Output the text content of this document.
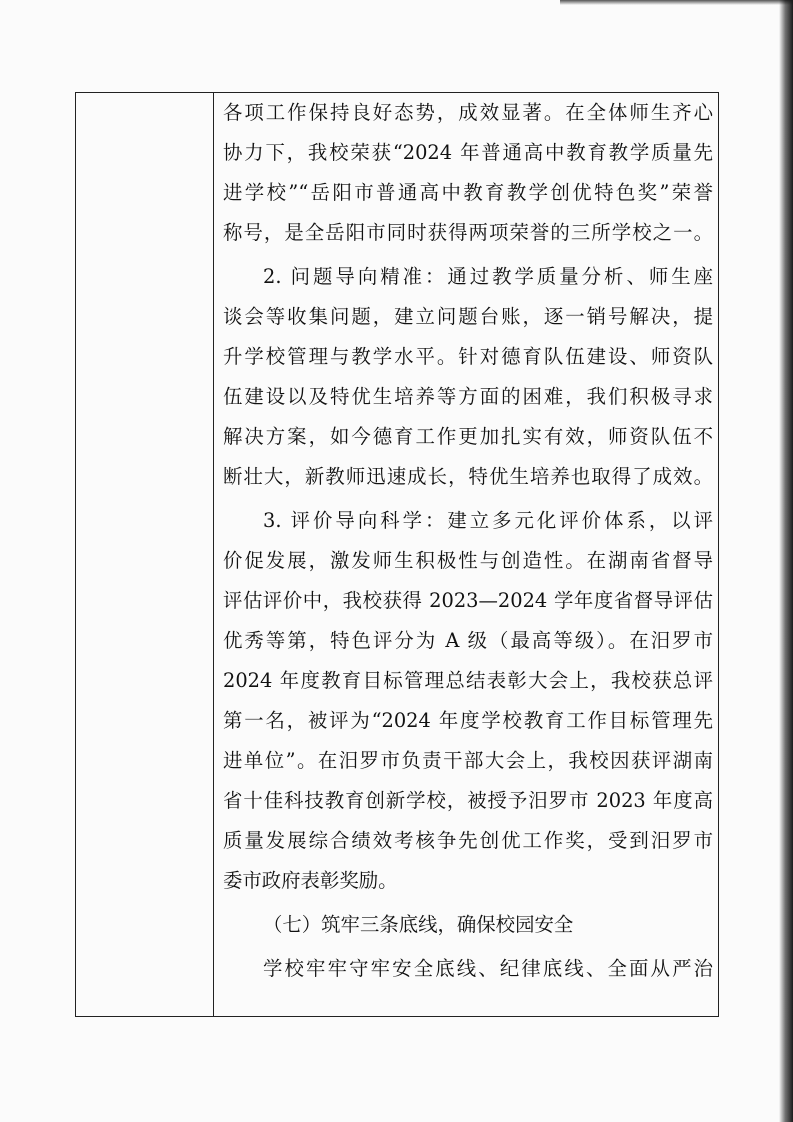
各项工作保持良好态势，成效显著。在全体师生齐心
协力下，我校荣获“2024 年普通高中教育教学质量先
进学校”“岳阳市普通高中教育教学创优特色奖”荣誉
称号，是全岳阳市同时获得两项荣誉的三所学校之一。
2. 问题导向精准：通过教学质量分析、师生座
谈会等收集问题，建立问题台账，逐一销号解决，提
升学校管理与教学水平。针对德育队伍建设、师资队
伍建设以及特优生培养等方面的困难，我们积极寻求
解决方案，如今德育工作更加扎实有效，师资队伍不
断壮大，新教师迅速成长，特优生培养也取得了成效。
3. 评价导向科学：建立多元化评价体系，以评
价促发展，激发师生积极性与创造性。在湖南省督导
评估评价中，我校获得 2023—2024 学年度省督导评估
优秀等第，特色评分为 A 级（最高等级）。在汨罗市
2024 年度教育目标管理总结表彰大会上，我校获总评
第一名，被评为“2024 年度学校教育工作目标管理先
进单位”。在汨罗市负责干部大会上，我校因获评湖南
省十佳科技教育创新学校，被授予汨罗市 2023 年度高
质量发展综合绩效考核争先创优工作奖，受到汨罗市
委市政府表彰奖励。
（七）筑牢三条底线，确保校园安全
学校牢牢守牢安全底线、纪律底线、全面从严治
